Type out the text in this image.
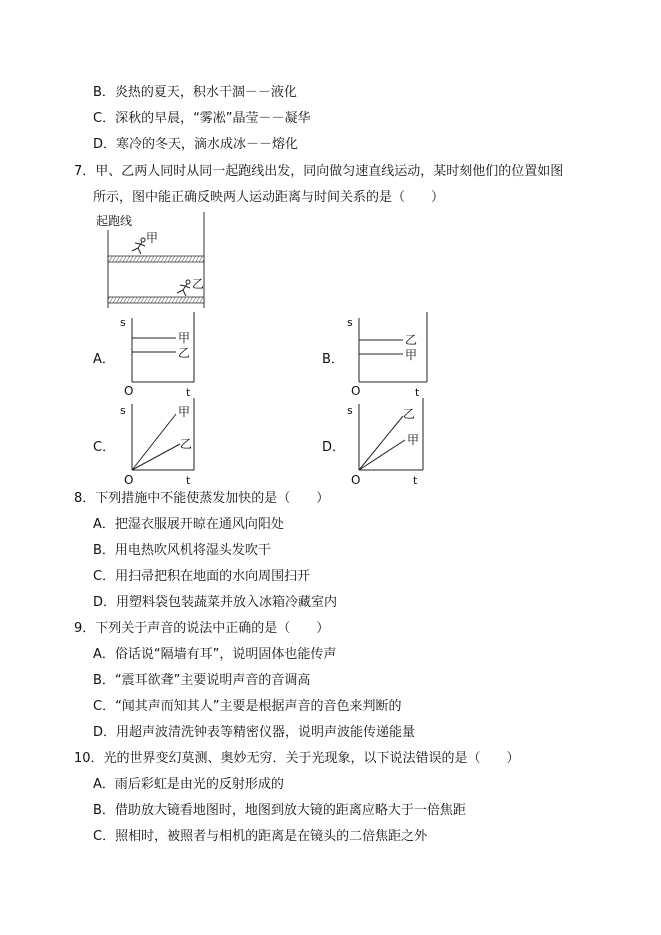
B．炎热的夏天，积水干涸－－液化
C．深秋的早晨，“雾凇”晶莹－－凝华
D．寒冷的冬天，滴水成冰－－熔化
7．甲、乙两人同时从同一起跑线出发，同向做匀速直线运动，某时刻他们的位置如图
所示，图中能正确反映两人运动距离与时间关系的是（　　）
起跑线
甲
乙
A．
s
甲
乙
O	t
B．
s
乙
甲
O	t
C．
s	甲
乙
O	t
D．
s	乙
甲
O	t
8．下列措施中不能使蒸发加快的是（　　）
A．把湿衣服展开晾在通风向阳处
B．用电热吹风机将湿头发吹干
C．用扫帚把积在地面的水向周围扫开
D．用塑料袋包装蔬菜并放入冰箱冷藏室内
9．下列关于声音的说法中正确的是（　　）
A．俗话说“隔墙有耳”，说明固体也能传声
B．“震耳欲聋”主要说明声音的音调高
C．“闻其声而知其人”主要是根据声音的音色来判断的
D．用超声波清洗钟表等精密仪器，说明声波能传递能量
10．光的世界变幻莫测、奥妙无穷．关于光现象，以下说法错误的是（　　）
A．雨后彩虹是由光的反射形成的
B．借助放大镜看地图时，地图到放大镜的距离应略大于一倍焦距
C．照相时，被照者与相机的距离是在镜头的二倍焦距之外
